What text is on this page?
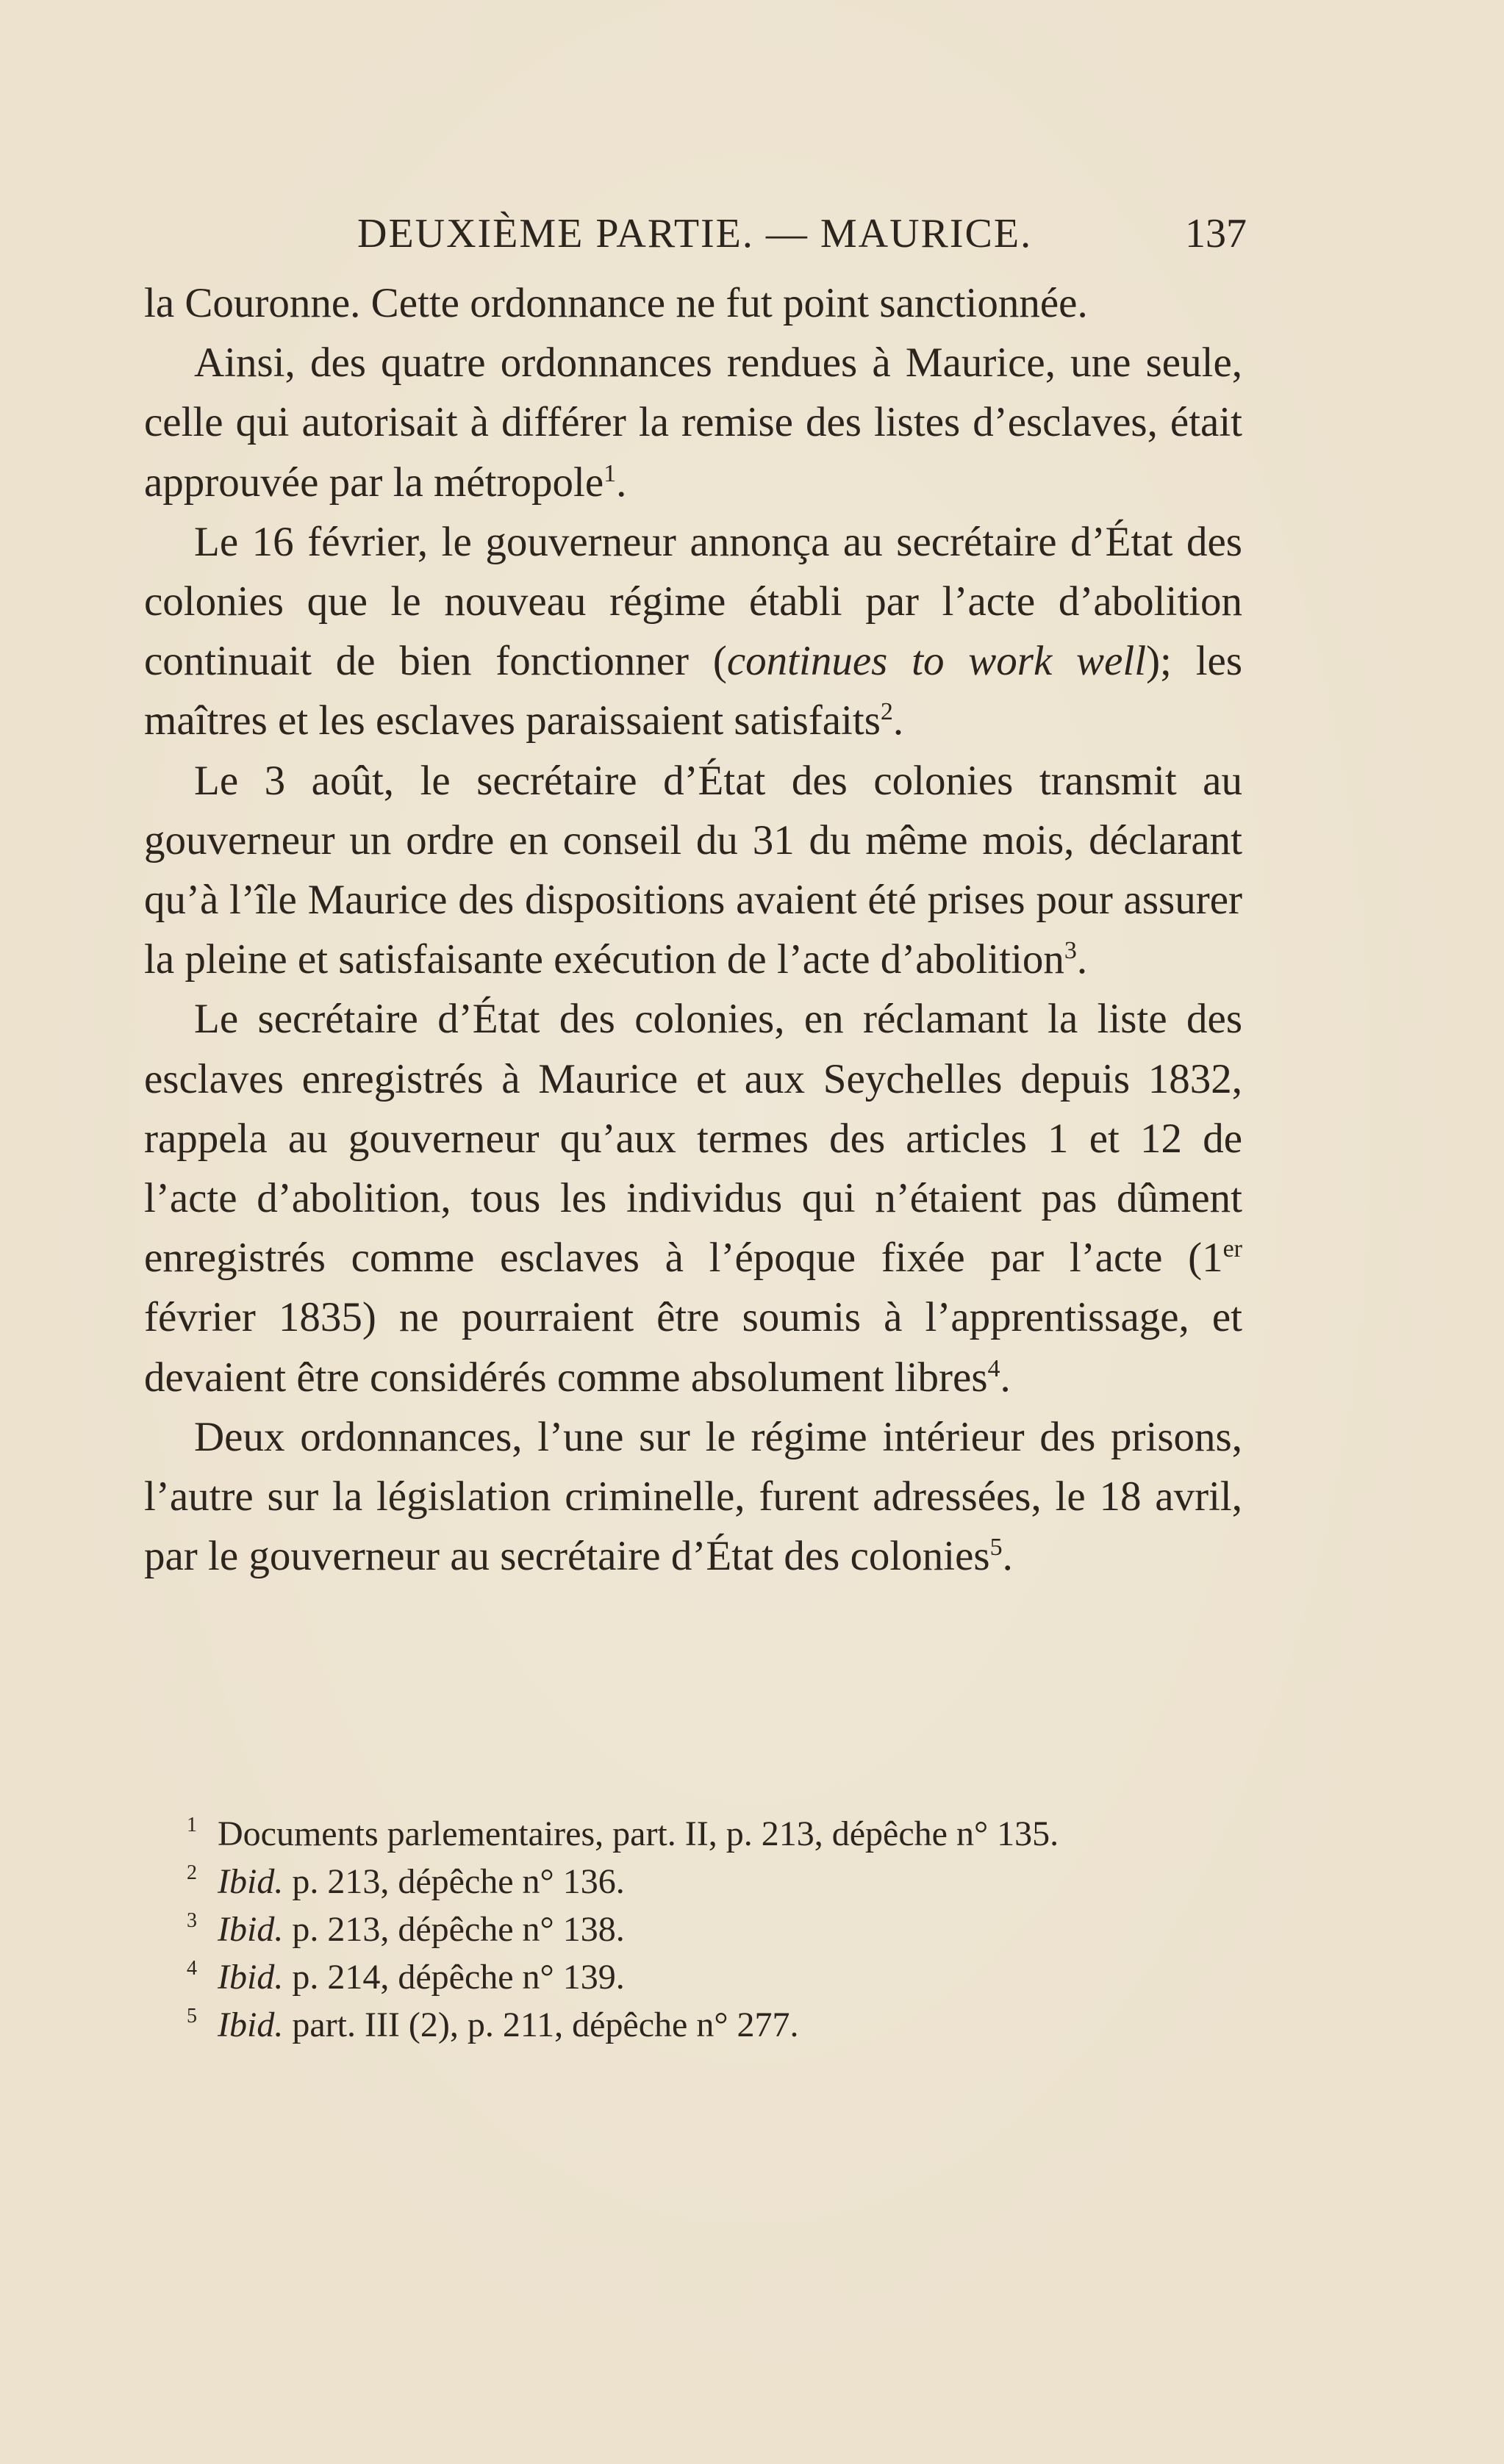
DEUXIÈME PARTIE. — MAURICE.	137

la Couronne. Cette ordonnance ne fut point sanctionnée.

Ainsi, des quatre ordonnances rendues à Maurice, une seule, celle qui autorisait à différer la remise des listes d’esclaves, était approuvée par la métropole$^1$.

Le 16 février, le gouverneur annonça au secrétaire d’État des colonies que le nouveau régime établi par l’acte d’abolition continuait de bien fonctionner (continues to work well); les maîtres et les esclaves paraissaient satisfaits$^2$.

Le 3 août, le secrétaire d’État des colonies transmit au gouverneur un ordre en conseil du 31 du même mois, déclarant qu’à l’île Maurice des dispositions avaient été prises pour assurer la pleine et satisfaisante exécution de l’acte d’abolition$^3$.

Le secrétaire d’État des colonies, en réclamant la liste des esclaves enregistrés à Maurice et aux Seychelles depuis 1832, rappela au gouverneur qu’aux termes des articles 1 et 12 de l’acte d’abolition, tous les individus qui n’étaient pas dûment enregistrés comme esclaves à l’époque fixée par l’acte (1er février 1835) ne pourraient être soumis à l’apprentissage, et devaient être considérés comme absolument libres$^4$.

Deux ordonnances, l’une sur le régime intérieur des prisons, l’autre sur la législation criminelle, furent adressées, le 18 avril, par le gouverneur au secrétaire d’État des colonies$^5$.

1 Documents parlementaires, part. II, p. 213, dépêche n° 135.
2 Ibid. p. 213, dépêche n° 136.
3 Ibid. p. 213, dépêche n° 138.
4 Ibid. p. 214, dépêche n° 139.
5 Ibid. part. III (2), p. 211, dépêche n° 277.
